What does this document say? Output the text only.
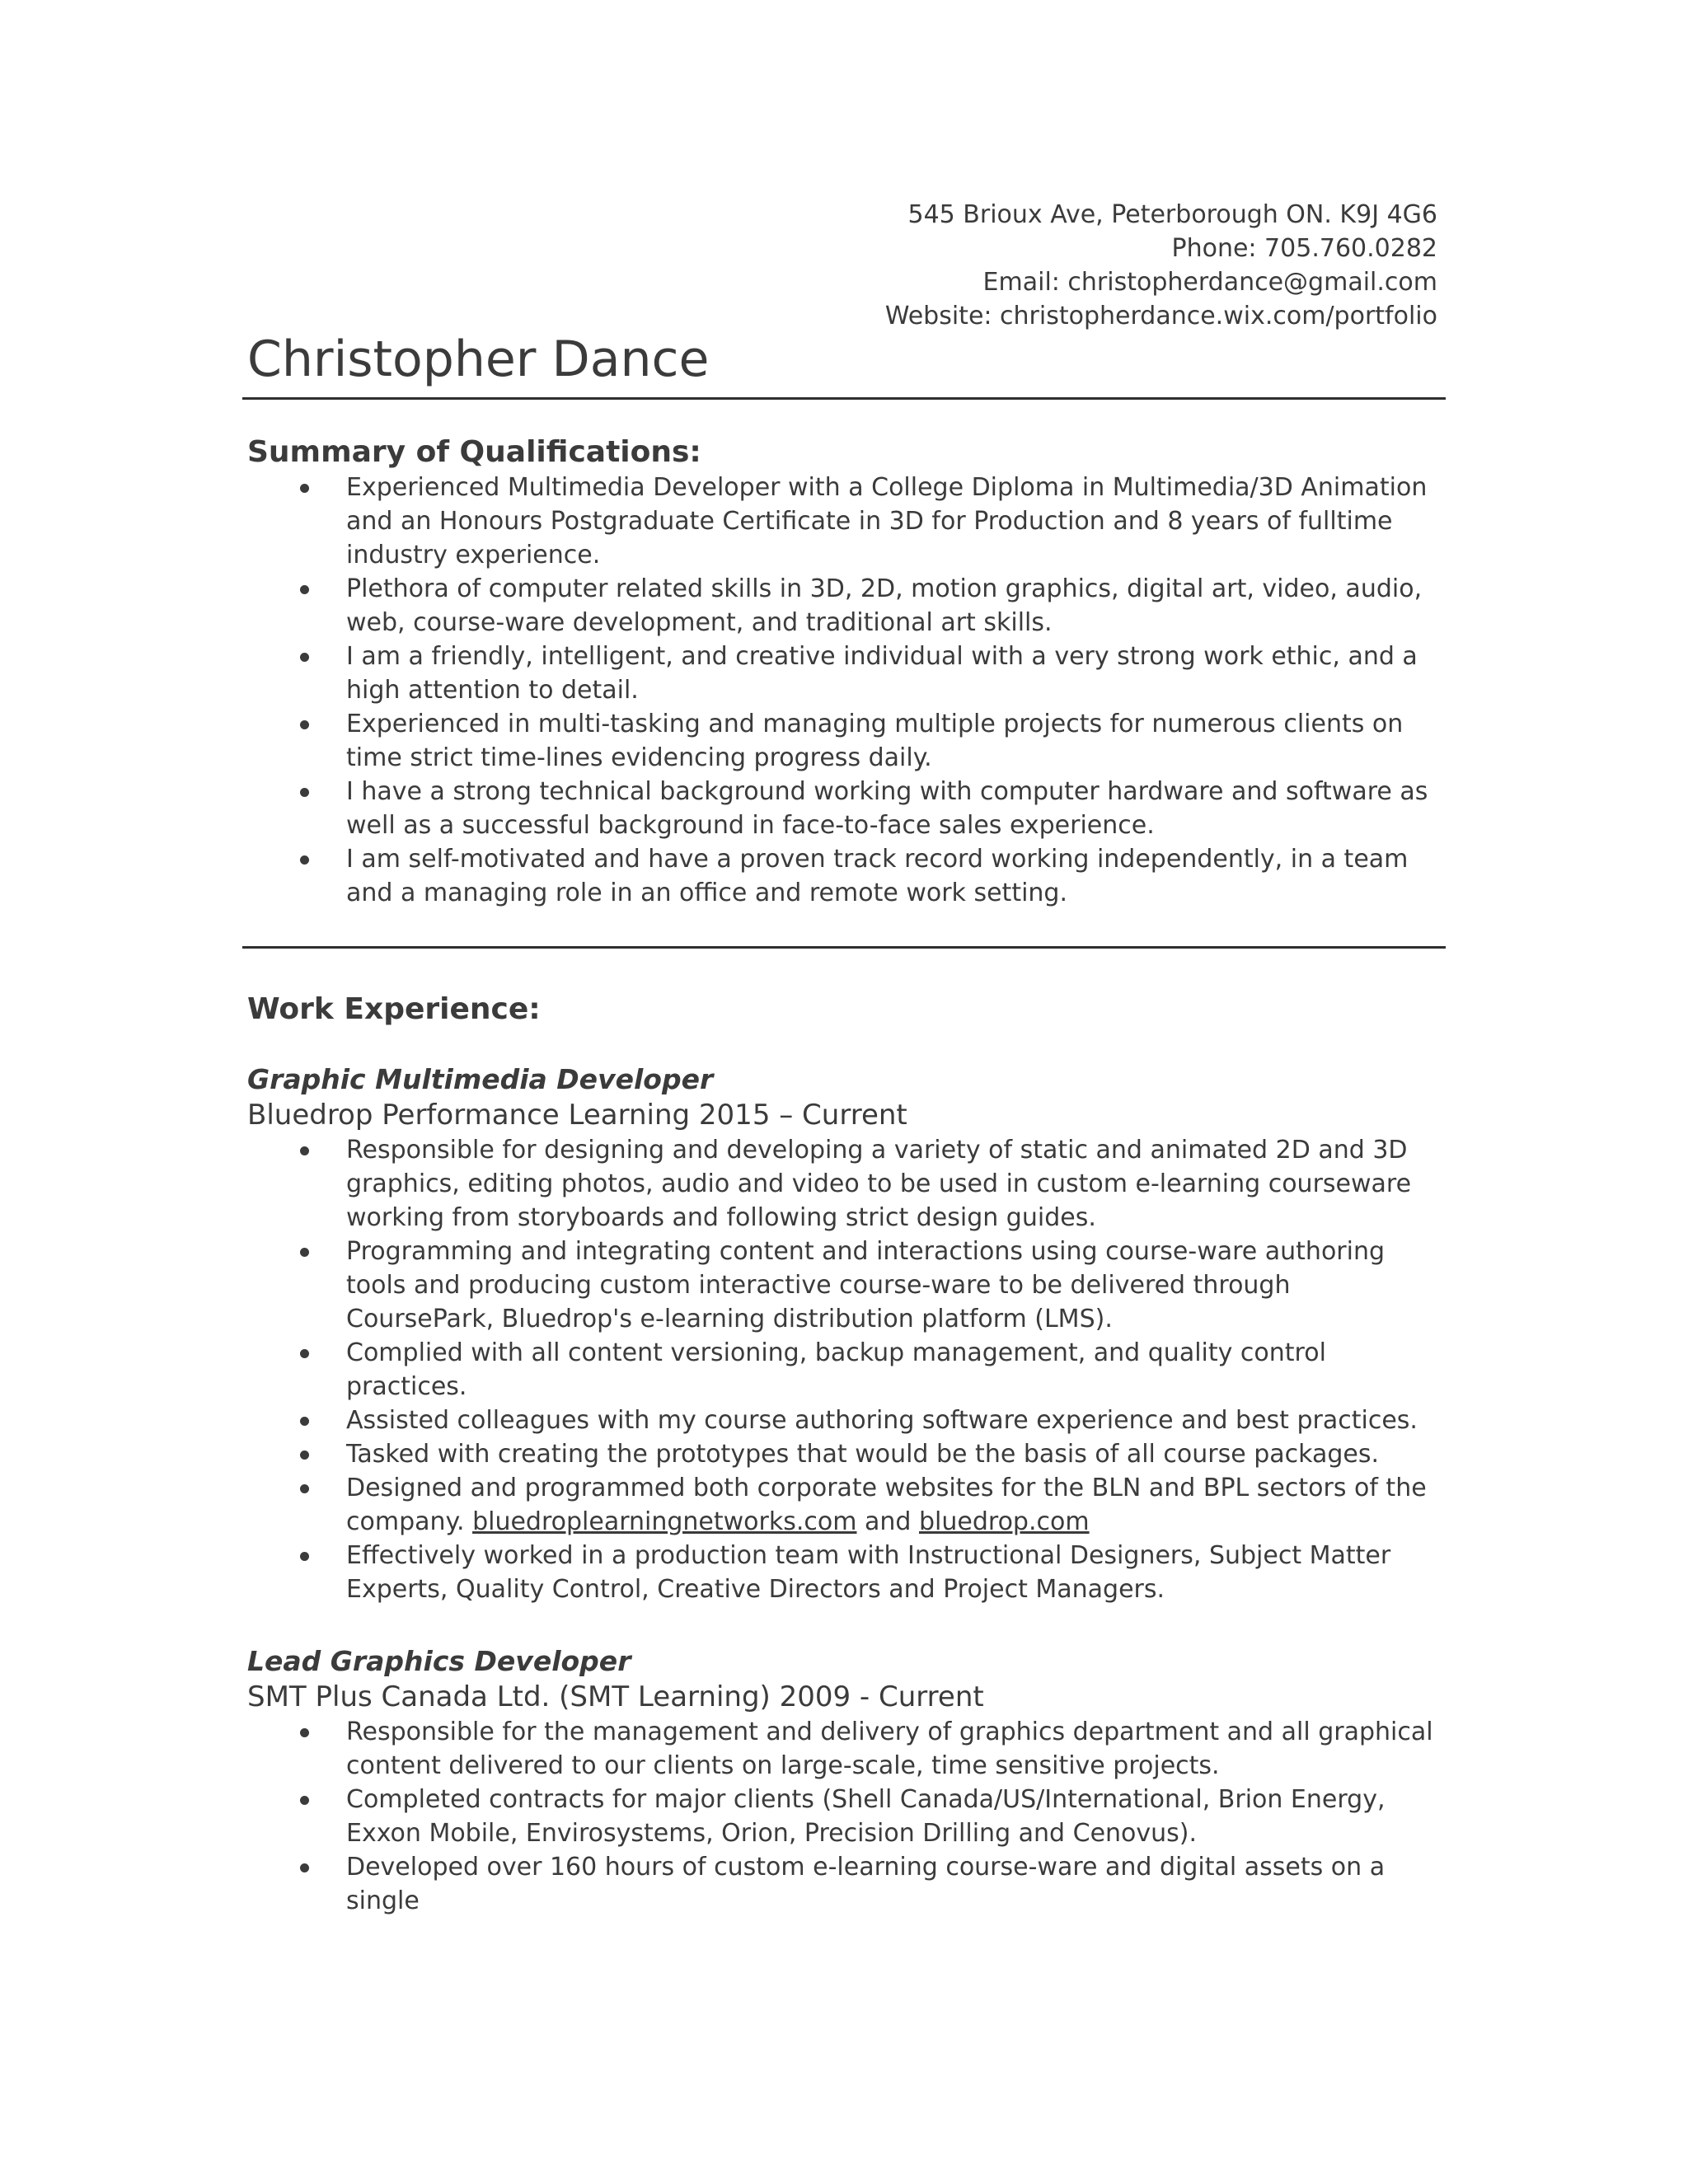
545 Brioux Ave, Peterborough ON. K9J 4G6
Phone: 705.760.0282
Email: christopherdance@gmail.com
Website: christopherdance.wix.com/portfolio
Christopher Dance
Summary of Qualifications:
Experienced Multimedia Developer with a College Diploma in Multimedia/3D Animation and an Honours Postgraduate Certificate in 3D for Production and 8 years of fulltime industry experience.
Plethora of computer related skills in 3D, 2D, motion graphics, digital art, video, audio, web, course-ware development, and traditional art skills.
I am a friendly, intelligent, and creative individual with a very strong work ethic, and a high attention to detail.
Experienced in multi-tasking and managing multiple projects for numerous clients on time strict time-lines evidencing progress daily.
I have a strong technical background working with computer hardware and software as well as a successful background in face-to-face sales experience.
I am self-motivated and have a proven track record working independently, in a team and a managing role in an office and remote work setting.
Work Experience:
Graphic Multimedia Developer
Bluedrop Performance Learning 2015 – Current
Responsible for designing and developing a variety of static and animated 2D and 3D graphics, editing photos, audio and video to be used in custom e-learning courseware working from storyboards and following strict design guides.
Programming and integrating content and interactions using course-ware authoring tools and producing custom interactive course-ware to be delivered through CoursePark, Bluedrop's e-learning distribution platform (LMS).
Complied with all content versioning, backup management, and quality control practices.
Assisted colleagues with my course authoring software experience and best practices.
Tasked with creating the prototypes that would be the basis of all course packages.
Designed and programmed both corporate websites for the BLN and BPL sectors of the company. bluedroplearningnetworks.com and bluedrop.com
Effectively worked in a production team with Instructional Designers, Subject Matter Experts, Quality Control, Creative Directors and Project Managers.
Lead Graphics Developer
SMT Plus Canada Ltd. (SMT Learning) 2009 - Current
Responsible for the management and delivery of graphics department and all graphical content delivered to our clients on large-scale, time sensitive projects.
Completed contracts for major clients (Shell Canada/US/International, Brion Energy, Exxon Mobile, Envirosystems, Orion, Precision Drilling and Cenovus).
Developed over 160 hours of custom e-learning course-ware and digital assets on a single
